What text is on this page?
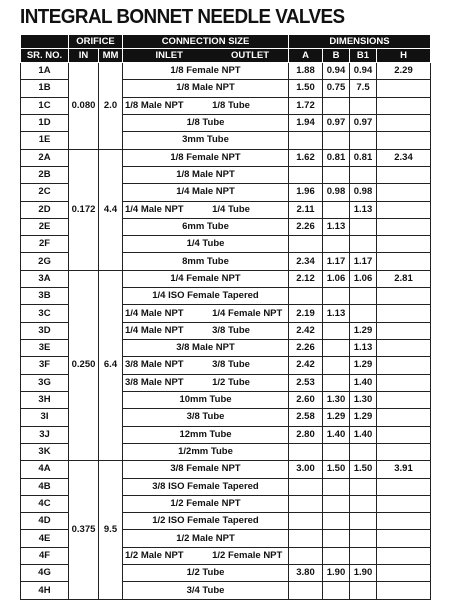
INTEGRAL BONNET NEEDLE VALVES
	ORIFICE		CONNECTION SIZE	DIMENSIONS			
SR. NO.	IN	MM	INLET OUTLET	A	B	B1	H
1A	0.080	2.0	1/8 Female NPT	1.88	0.94	0.94	2.29
1B			1/8 Male NPT	1.50	0.75	7.5	
1C			1/8 Male NPT 1/8 Tube	1.72			
1D			1/8 Tube	1.94	0.97	0.97	
1E			3mm Tube				
2A	0.172	4.4	1/8 Female NPT	1.62	0.81	0.81	2.34
2B			1/8 Male NPT				
2C			1/4 Male NPT	1.96	0.98	0.98	
2D			1/4 Male NPT 1/4 Tube	2.11		1.13	
2E			6mm Tube	2.26	1.13		
2F			1/4 Tube				
2G			8mm Tube	2.34	1.17	1.17	
3A	0.250	6.4	1/4 Female NPT	2.12	1.06	1.06	2.81
3B			1/4 ISO Female Tapered				
3C			1/4 Male NPT 1/4 Female NPT	2.19	1.13		
3D			1/4 Male NPT 3/8 Tube	2.42		1.29	
3E			3/8 Male NPT	2.26		1.13	
3F			3/8 Male NPT 3/8 Tube	2.42		1.29	
3G			3/8 Male NPT 1/2 Tube	2.53		1.40	
3H			10mm Tube	2.60	1.30	1.30	
3I			3/8 Tube	2.58	1.29	1.29	
3J			12mm Tube	2.80	1.40	1.40	
3K			1/2mm Tube				
4A	0.375	9.5	3/8 Female NPT	3.00	1.50	1.50	3.91
4B			3/8 ISO Female Tapered				
4C			1/2 Female NPT				
4D			1/2 ISO Female Tapered				
4E			1/2 Male NPT				
4F			1/2 Male NPT 1/2 Female NPT				
4G			1/2 Tube	3.80	1.90	1.90	
4H			3/4 Tube				
